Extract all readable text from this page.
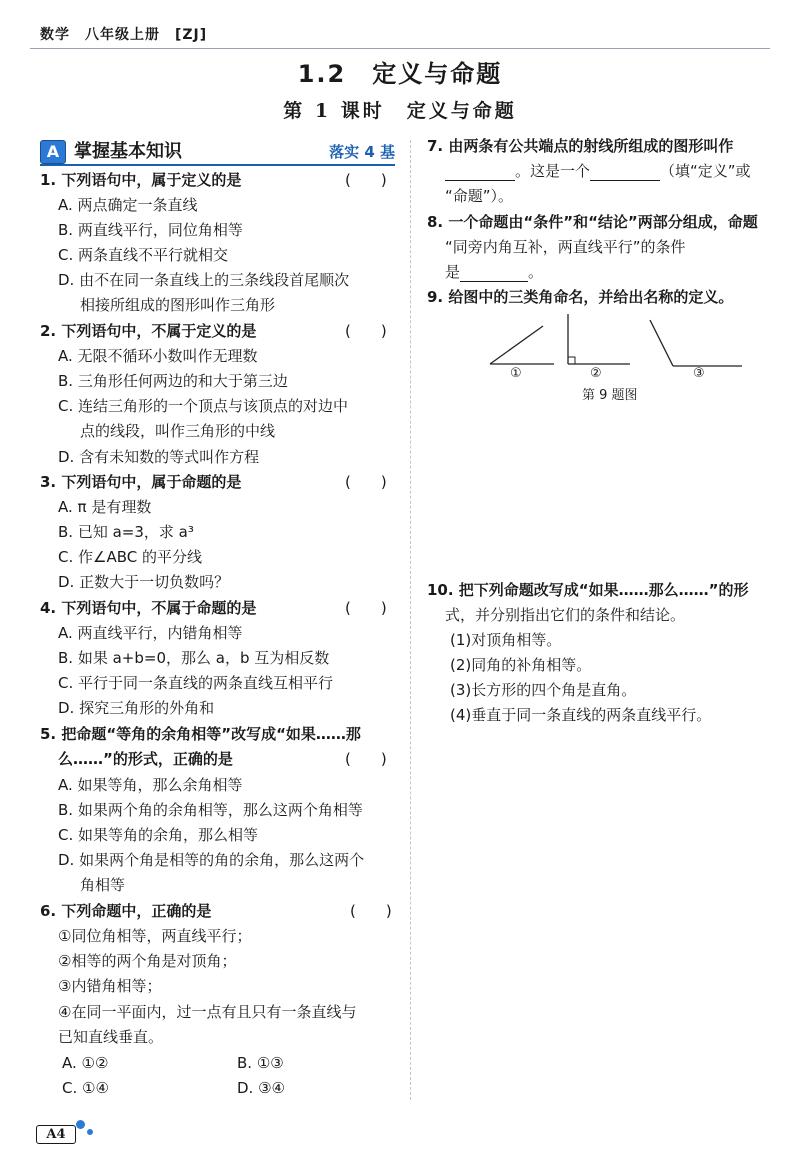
数学　八年级上册　[ZJ]
1.2　定义与命题
第 1 课时　定义与命题
A 掌握基本知识	落实 4 基
1. 下列语句中，属于定义的是	(　　)
A. 两点确定一条直线
B. 两直线平行，同位角相等
C. 两条直线不平行就相交
D. 由不在同一条直线上的三条线段首尾顺次
相接所组成的图形叫作三角形
2. 下列语句中，不属于定义的是	(　　)
A. 无限不循环小数叫作无理数
B. 三角形任何两边的和大于第三边
C. 连结三角形的一个顶点与该顶点的对边中
点的线段，叫作三角形的中线
D. 含有未知数的等式叫作方程
3. 下列语句中，属于命题的是	(　　)
A. π 是有理数
B. 已知 a=3，求 a³
C. 作∠ABC 的平分线
D. 正数大于一切负数吗？
4. 下列语句中，不属于命题的是	(　　)
A. 两直线平行，内错角相等
B. 如果 a+b=0，那么 a，b 互为相反数
C. 平行于同一条直线的两条直线互相平行
D. 探究三角形的外角和
5. 把命题“等角的余角相等”改写成“如果……那
么……”的形式，正确的是	(　　)
A. 如果等角，那么余角相等
B. 如果两个角的余角相等，那么这两个角相等
C. 如果等角的余角，那么相等
D. 如果两个角是相等的角的余角，那么这两个
角相等
6. 下列命题中，正确的是	(　　)
①同位角相等，两直线平行；
②相等的两个角是对顶角；
③内错角相等；
④在同一平面内，过一点有且只有一条直线与
已知直线垂直。
A. ①②	B. ①③
C. ①④	D. ③④
7. 由两条有公共端点的射线所组成的图形叫作
。这是一个	（填“定义”或
“命题”）。
8. 一个命题由“条件”和“结论”两部分组成，命题
“同旁内角互补，两直线平行”的条件
是	。
9. 给图中的三类角命名，并给出名称的定义。
①	②	③
第 9 题图
10. 把下列命题改写成“如果……那么……”的形
式，并分别指出它们的条件和结论。
(1)对顶角相等。
(2)同角的补角相等。
(3)长方形的四个角是直角。
(4)垂直于同一条直线的两条直线平行。
A4
